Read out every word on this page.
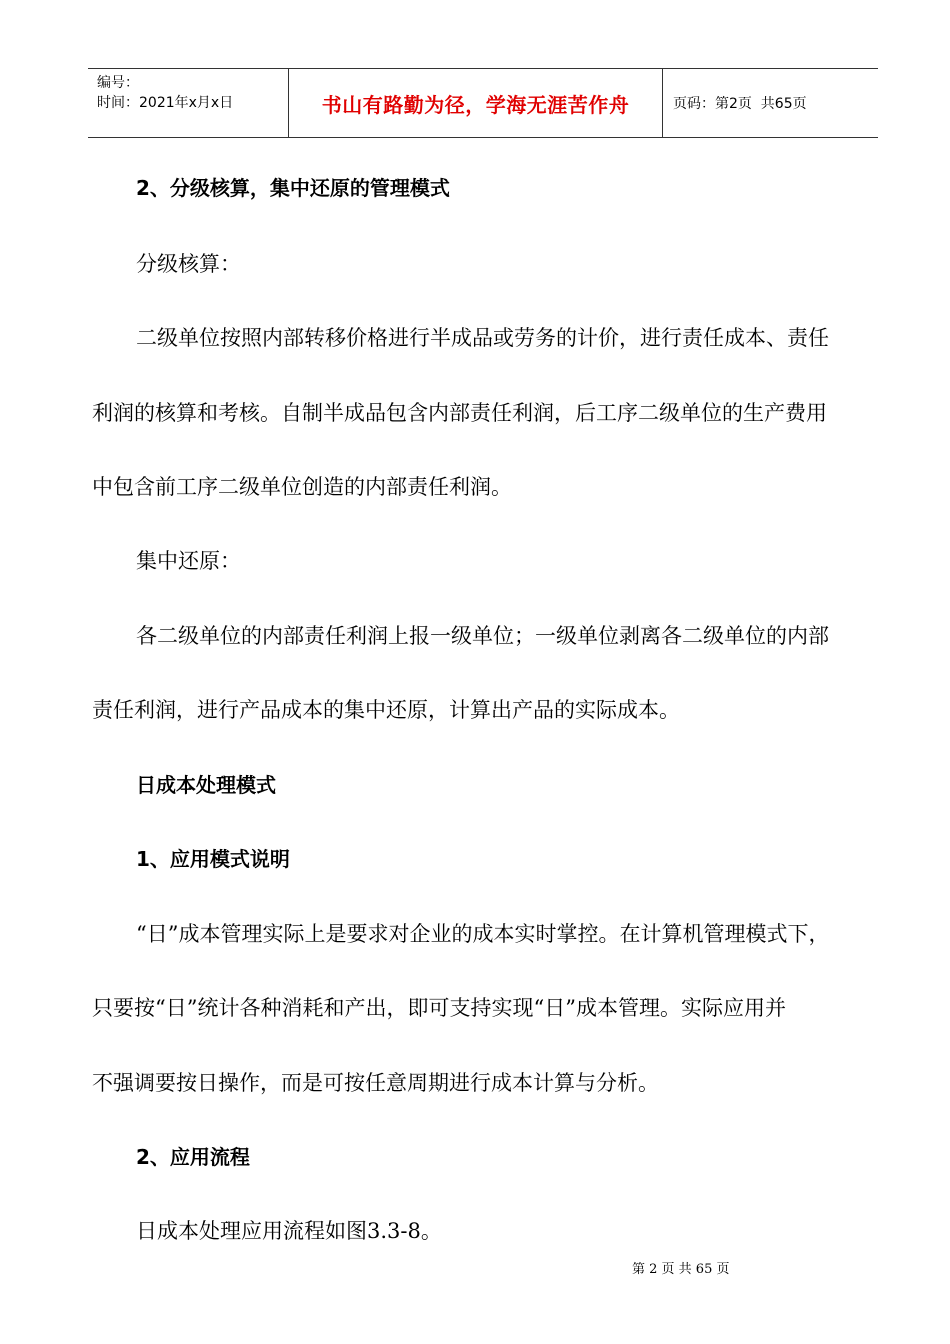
编号：
时间：2021年x月x日	书山有路勤为径，学海无涯苦作舟	页码：第2页  共65页
2、分级核算，集中还原的管理模式
分级核算：
二级单位按照内部转移价格进行半成品或劳务的计价，进行责任成本、责任
利润的核算和考核。自制半成品包含内部责任利润，后工序二级单位的生产费用
中包含前工序二级单位创造的内部责任利润。
集中还原：
各二级单位的内部责任利润上报一级单位；一级单位剥离各二级单位的内部
责任利润，进行产品成本的集中还原，计算出产品的实际成本。
日成本处理模式
1、应用模式说明
“日”成本管理实际上是要求对企业的成本实时掌控。在计算机管理模式下，
只要按“日”统计各种消耗和产出，即可支持实现“日”成本管理。实际应用并
不强调要按日操作，而是可按任意周期进行成本计算与分析。
2、应用流程
日成本处理应用流程如图3.3-8。
第 2 页 共 65 页
